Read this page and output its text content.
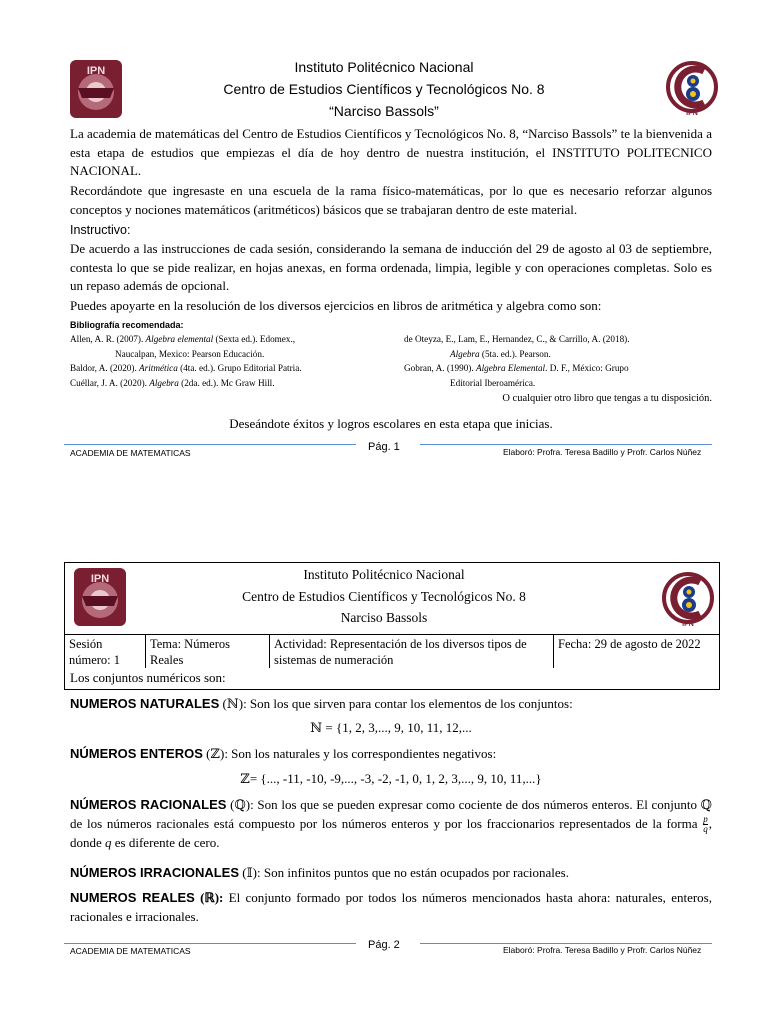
IPN
IPN
Instituto Politécnico Nacional
Centro de Estudios Científicos y Tecnológicos No. 8
“Narciso Bassols”
La academia de matemáticas del Centro de Estudios Científicos y Tecnológicos No. 8, “Narciso Bassols” te la bienvenida a esta etapa de estudios que empiezas el día de hoy dentro de nuestra institución, el INSTITUTO POLITECNICO NACIONAL.
Recordándote que ingresaste en una escuela de la rama físico-matemáticas, por lo que es necesario reforzar algunos conceptos y nociones matemáticos (aritméticos) básicos que se trabajaran dentro de este material.
Instructivo:
De acuerdo a las instrucciones de cada sesión, considerando la semana de inducción del 29 de agosto al 03 de septiembre, contesta lo que se pide realizar, en hojas anexas, en forma ordenada, limpia, legible y con operaciones completas. Solo es un repaso además de opcional.
Puedes apoyarte en la resolución de los diversos ejercicios en libros de aritmética y algebra como son:
Bibliografía recomendada:
Allen, A. R. (2007). Algebra elemental (Sexta ed.). Edomex.,
Naucalpan, Mexico: Pearson Educación.
Baldor, A. (2020). Aritmética (4ta. ed.). Grupo Editorial Patria.
Cuéllar, J. A. (2020). Algebra (2da. ed.). Mc Graw Hill.
de Oteyza, E., Lam, E., Hernandez, C., & Carrillo, A. (2018).
Algebra (5ta. ed.). Pearson.
Gobran, A. (1990). Algebra Elemental. D. F., México: Grupo
Editorial Iberoamérica.
O cualquier otro libro que tengas a tu disposición.
Deseándote éxitos y logros escolares en esta etapa que inicias.
ACADEMIA DE MATEMATICAS	Pág. 1	Elaboró: Profra. Teresa Badillo y Profr. Carlos Núñez
IPN
IPN
Instituto Politécnico Nacional
Centro de Estudios Científicos y Tecnológicos No. 8
Narciso Bassols
Sesión número: 1
Tema: Números Reales
Actividad: Representación de los diversos tipos de sistemas de numeración
Fecha: 29 de agosto de 2022
Los conjuntos numéricos son:
NUMEROS NATURALES (ℕ): Son los que sirven para contar los elementos de los conjuntos:
ℕ = {1, 2, 3,..., 9, 10, 11, 12,...
NÚMEROS ENTEROS (ℤ): Son los naturales y los correspondientes negativos:
ℤ= {..., -11, -10, -9,..., -3, -2, -1, 0, 1, 2, 3,..., 9, 10, 11,...}
NÚMEROS RACIONALES (ℚ): Son los que se pueden expresar como cociente de dos números enteros. El conjunto ℚ de los números racionales está compuesto por los números enteros y por los fraccionarios representados de la forma $\frac{p}{q}$ , donde q es diferente de cero.
NÚMEROS IRRACIONALES (𝕀): Son infinitos puntos que no están ocupados por racionales.
NUMEROS REALES (ℝ): El conjunto formado por todos los números mencionados hasta ahora: naturales, enteros, racionales e irracionales.
ACADEMIA DE MATEMATICAS	Pág. 2	Elaboró: Profra. Teresa Badillo y Profr. Carlos Núñez
